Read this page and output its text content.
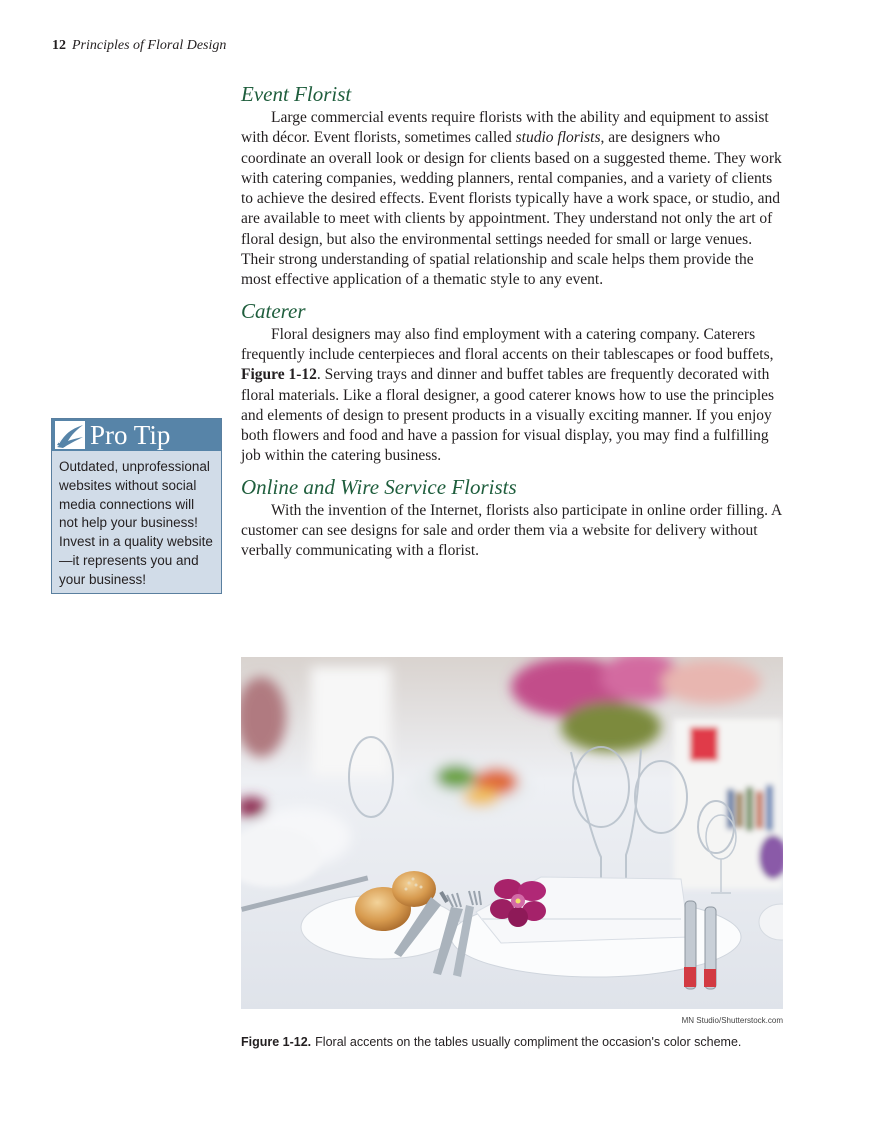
12 Principles of Floral Design
Event Florist

Large commercial events require florists with the ability and equipment to assist with décor. Event florists, sometimes called studio florists, are designers who coordinate an overall look or design for clients based on a suggested theme. They work with catering companies, wedding planners, rental companies, and a variety of clients to achieve the desired effects. Event florists typically have a work space, or studio, and are available to meet with clients by appointment. They understand not only the art of floral design, but also the environmental settings needed for small or large venues. Their strong understanding of spatial relationship and scale helps them provide the most effective application of a thematic style to any event.

Caterer

Floral designers may also find employment with a catering company. Caterers frequently include centerpieces and floral accents on their tablescapes or food buffets, Figure 1-12. Serving trays and dinner and buffet tables are frequently decorated with floral materials. Like a floral designer, a good caterer knows how to use the principles and elements of design to present products in a visually exciting manner. If you enjoy both flowers and food and have a passion for visual display, you may find a fulfilling job within the catering business.

Online and Wire Service Florists

With the invention of the Internet, florists also participate in online order filling. A customer can see designs for sale and order them via a website for delivery without verbally communicating with a florist.

Pro Tip
Outdated, unprofessional websites without social media connections will not help your business! Invest in a quality website—it represents you and your business!
MN Studio/Shutterstock.com
Figure 1-12. Floral accents on the tables usually compliment the occasion's color scheme.
